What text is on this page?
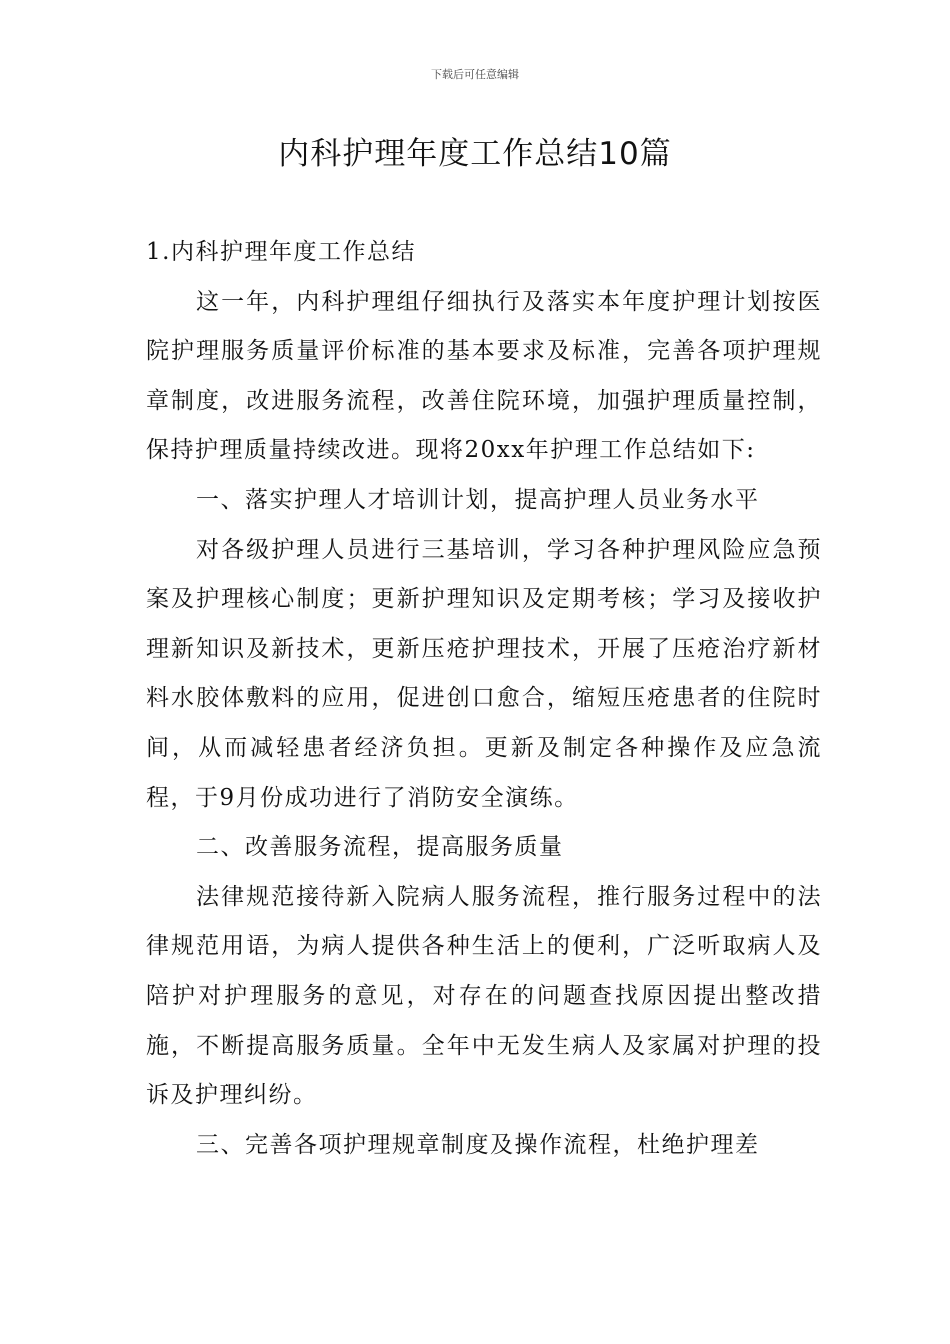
下载后可任意编辑
内科护理年度工作总结10篇

1.内科护理年度工作总结

这一年，内科护理组仔细执行及落实本年度护理计划按医院护理服务质量评价标准的基本要求及标准，完善各项护理规章制度，改进服务流程，改善住院环境，加强护理质量控制，保持护理质量持续改进。现将20xx年护理工作总结如下:

一、落实护理人才培训计划，提高护理人员业务水平

对各级护理人员进行三基培训，学习各种护理风险应急预案及护理核心制度；更新护理知识及定期考核；学习及接收护理新知识及新技术，更新压疮护理技术，开展了压疮治疗新材料水胶体敷料的应用，促进创口愈合，缩短压疮患者的住院时间，从而减轻患者经济负担。更新及制定各种操作及应急流程，于9月份成功进行了消防安全演练。

二、改善服务流程，提高服务质量

法律规范接待新入院病人服务流程，推行服务过程中的法律规范用语，为病人提供各种生活上的便利，广泛听取病人及陪护对护理服务的意见，对存在的问题查找原因提出整改措施，不断提高服务质量。全年中无发生病人及家属对护理的投诉及护理纠纷。

三、完善各项护理规章制度及操作流程，杜绝护理差
